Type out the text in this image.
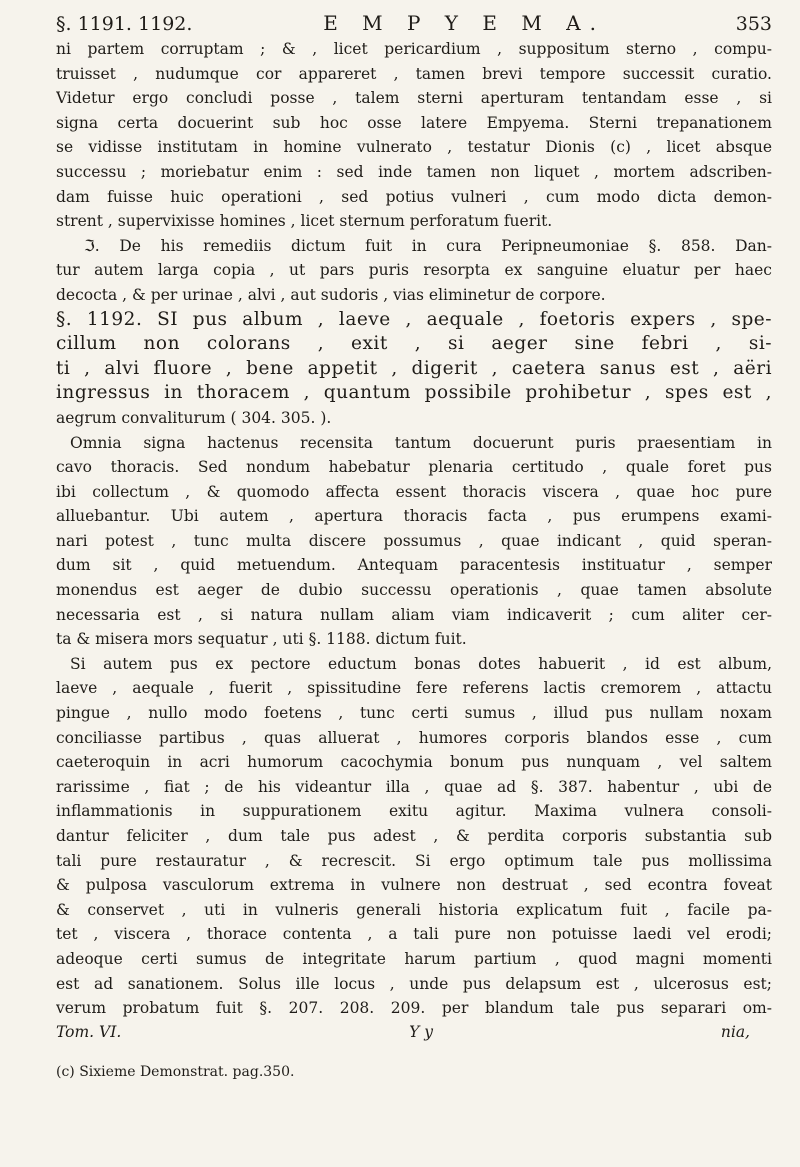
§. 1191. 1192.	E M P Y E M A.	353
ni partem corruptam ; & , licet pericardium , suppositum sterno , compu-
truisset , nudumque cor appareret , tamen brevi tempore successit curatio.
Videtur ergo concludi posse , talem sterni aperturam tentandam esse , si
signa certa docuerint sub hoc osse latere Empyema. Sterni trepanationem
se vidisse institutam in homine vulnerato , testatur Dionis (c) , licet absque
successu ; moriebatur enim : sed inde tamen non liquet , mortem adscriben-
dam fuisse huic operationi , sed potius vulneri , cum modo dicta demon-
strent , supervixisse homines , licet sternum perforatum fuerit.
ℑ. De his remediis dictum fuit in cura Peripneumoniae §. 858. Dan-
tur autem larga copia , ut pars puris resorpta ex sanguine eluatur per haec
decocta , & per urinae , alvi , aut sudoris , vias eliminetur de corpore.
§. 1192. SI pus album , laeve , aequale , foetoris expers , spe-
cillum non colorans , exit , si aeger sine febri , si-
ti , alvi fluore , bene appetit , digerit , caetera sanus est , aëri
ingressus in thoracem , quantum possibile prohibetur , spes est ,
aegrum convaliturum ( 304. 305. ).
Omnia signa hactenus recensita tantum docuerunt puris praesentiam in
cavo thoracis. Sed nondum habebatur plenaria certitudo , quale foret pus
ibi collectum , & quomodo affecta essent thoracis viscera , quae hoc pure
alluebantur. Ubi autem , apertura thoracis facta , pus erumpens exami-
nari potest , tunc multa discere possumus , quae indicant , quid speran-
dum sit , quid metuendum. Antequam paracentesis instituatur , semper
monendus est aeger de dubio successu operationis , quae tamen absolute
necessaria est , si natura nullam aliam viam indicaverit ; cum aliter cer-
ta & misera mors sequatur , uti §. 1188. dictum fuit.
Si autem pus ex pectore eductum bonas dotes habuerit , id est album,
laeve , aequale , fuerit , spissitudine fere referens lactis cremorem , attactu
pingue , nullo modo foetens , tunc certi sumus , illud pus nullam noxam
conciliasse partibus , quas alluerat , humores corporis blandos esse , cum
caeteroquin in acri humorum cacochymia bonum pus nunquam , vel saltem
rarissime , fiat ; de his videantur illa , quae ad §. 387. habentur , ubi de
inflammationis in suppurationem exitu agitur. Maxima vulnera consoli-
dantur feliciter , dum tale pus adest , & perdita corporis substantia sub
tali pure restauratur , & recrescit. Si ergo optimum tale pus mollissima
& pulposa vasculorum extrema in vulnere non destruat , sed econtra foveat
& conservet , uti in vulneris generali historia explicatum fuit , facile pa-
tet , viscera , thorace contenta , a tali pure non potuisse laedi vel erodi;
adeoque certi sumus de integritate harum partium , quod magni momenti
est ad sanationem. Solus ille locus , unde pus delapsum est , ulcerosus est;
verum probatum fuit §. 207. 208. 209. per blandum tale pus separari om-
Tom. VI.	Y y	nia,
(c) Sixieme Demonstrat. pag.350.
